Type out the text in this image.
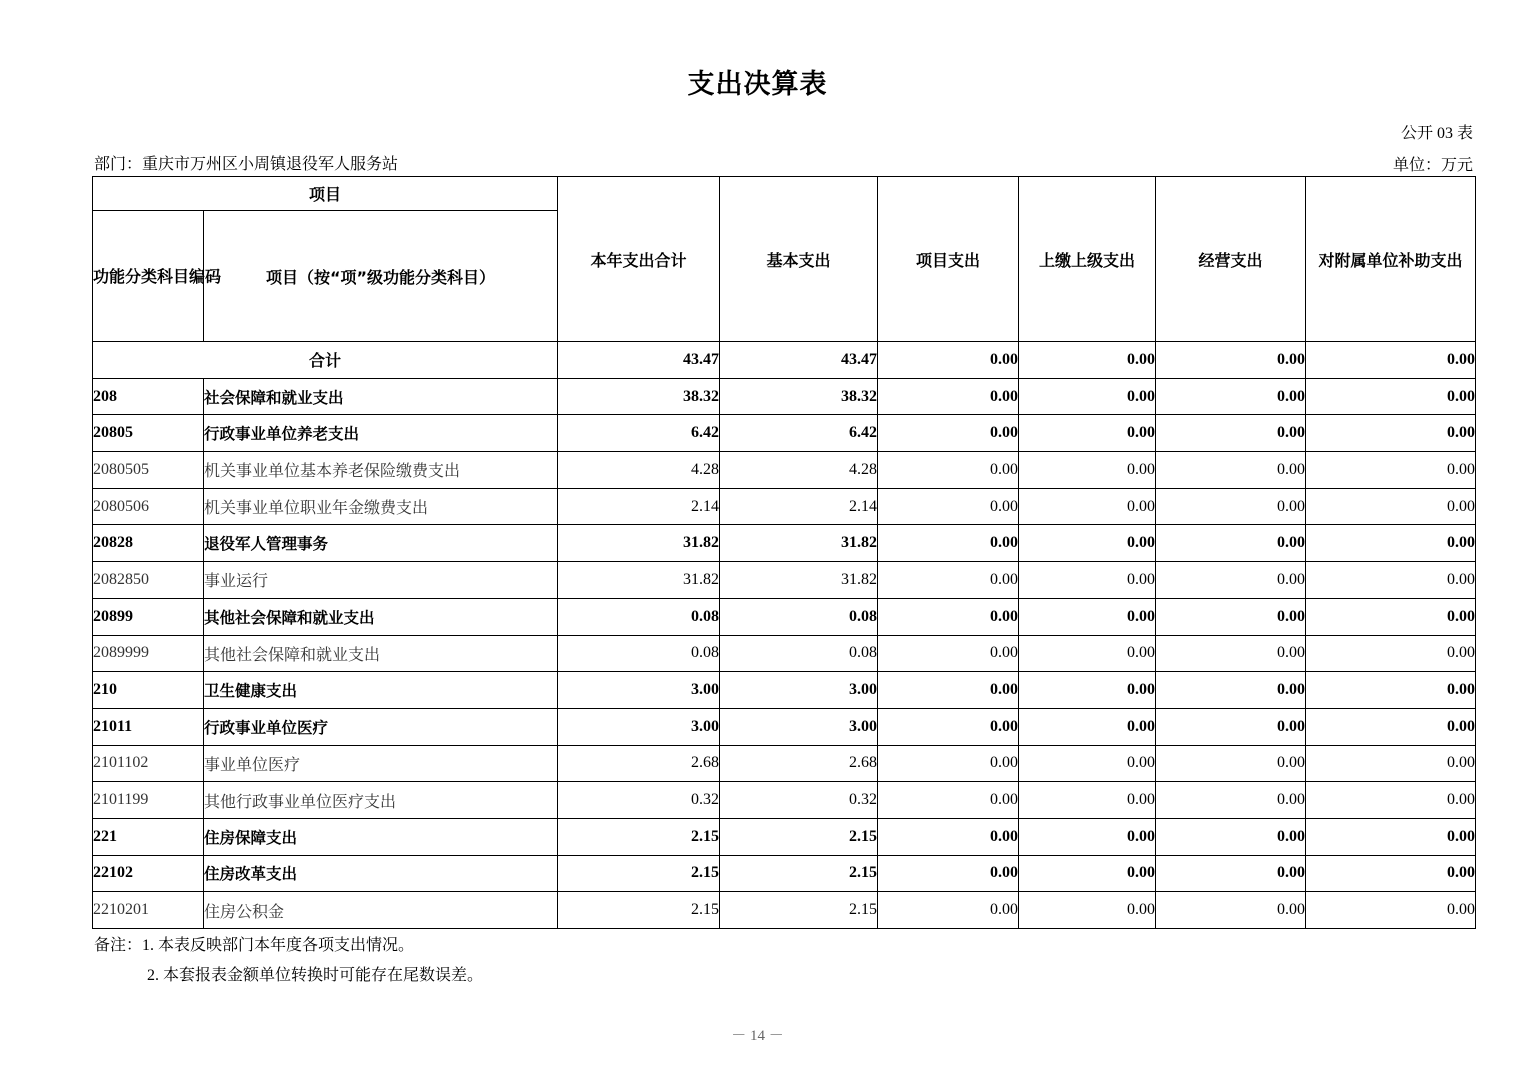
支出决算表
公开 03 表
部门：重庆市万州区小周镇退役军人服务站	单位：万元
项目		本年支出合计	基本支出	项目支出	上缴上级支出	经营支出	对附属单位补助支出
功能分类科目编码	项目（按“项”级功能分类科目）						
合计		43.47	43.47	0.00	0.00	0.00	0.00
208	社会保障和就业支出	38.32	38.32	0.00	0.00	0.00	0.00
20805	行政事业单位养老支出	6.42	6.42	0.00	0.00	0.00	0.00
2080505	机关事业单位基本养老保险缴费支出	4.28	4.28	0.00	0.00	0.00	0.00
2080506	机关事业单位职业年金缴费支出	2.14	2.14	0.00	0.00	0.00	0.00
20828	退役军人管理事务	31.82	31.82	0.00	0.00	0.00	0.00
2082850	事业运行	31.82	31.82	0.00	0.00	0.00	0.00
20899	其他社会保障和就业支出	0.08	0.08	0.00	0.00	0.00	0.00
2089999	其他社会保障和就业支出	0.08	0.08	0.00	0.00	0.00	0.00
210	卫生健康支出	3.00	3.00	0.00	0.00	0.00	0.00
21011	行政事业单位医疗	3.00	3.00	0.00	0.00	0.00	0.00
2101102	事业单位医疗	2.68	2.68	0.00	0.00	0.00	0.00
2101199	其他行政事业单位医疗支出	0.32	0.32	0.00	0.00	0.00	0.00
221	住房保障支出	2.15	2.15	0.00	0.00	0.00	0.00
22102	住房改革支出	2.15	2.15	0.00	0.00	0.00	0.00
2210201	住房公积金	2.15	2.15	0.00	0.00	0.00	0.00
备注：1. 本表反映部门本年度各项支出情况。
2. 本套报表金额单位转换时可能存在尾数误差。
－ 14 －
